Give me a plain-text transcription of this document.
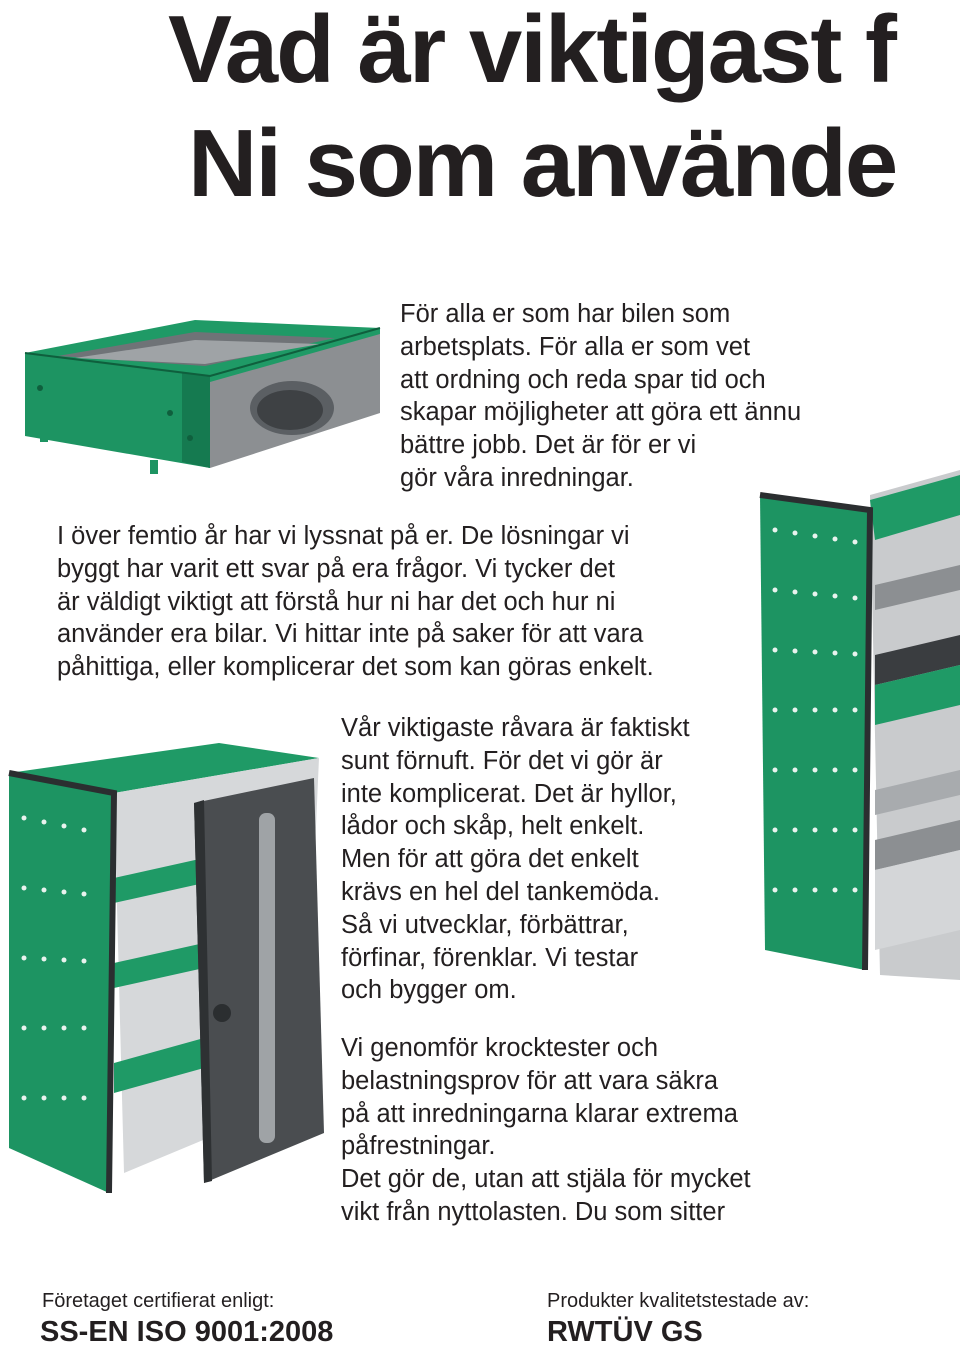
Vad är viktigast f
Ni som använde
För alla er som har bilen som
arbetsplats. För alla er som vet
att ordning och reda spar tid och
skapar möjligheter att göra ett ännu
bättre jobb. Det är för er vi
gör våra inredningar.
I över femtio år har vi lyssnat på er. De lösningar vi
byggt har varit ett svar på era frågor. Vi tycker det
är väldigt viktigt att förstå hur ni har det och hur ni
använder era bilar. Vi hittar inte på saker för att vara
påhittiga, eller komplicerar det som kan göras enkelt.
Vår viktigaste råvara är faktiskt
sunt förnuft. För det vi gör är
inte komplicerat. Det är hyllor,
lådor och skåp, helt enkelt.
Men för att göra det enkelt
krävs en hel del tankemöda.
Så vi utvecklar, förbättrar,
förfinar, förenklar. Vi testar
och bygger om.
Vi genomför krocktester och
belastningsprov för att vara säkra
på att inredningarna klarar extrema
påfrestningar.
Det gör de, utan att stjäla för mycket
vikt från nyttolasten. Du som sitter
Företaget certifierat enligt:
SS-EN ISO 9001:2008
Produkter kvalitetstestade av:
RWTÜV GS
